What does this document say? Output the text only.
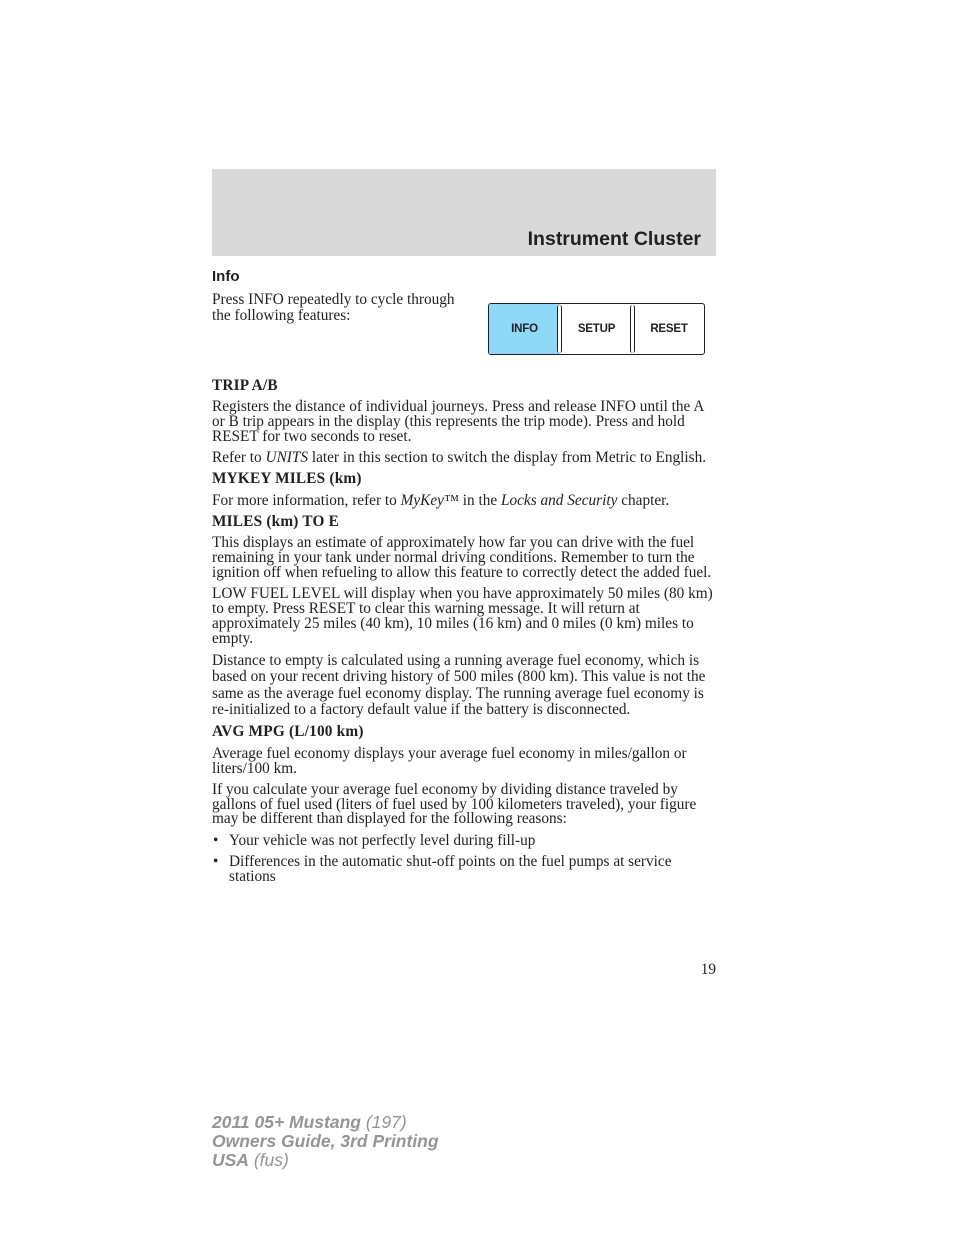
Instrument Cluster
Info
Press INFO repeatedly to cycle through the following features:
INFO	SETUP	RESET
TRIP A/B

Registers the distance of individual journeys. Press and release INFO until the A or B trip appears in the display (this represents the trip mode). Press and hold RESET for two seconds to reset.

Refer to UNITS later in this section to switch the display from Metric to English.

MYKEY MILES (km)

For more information, refer to MyKey™ in the Locks and Security chapter.

MILES (km) TO E

This displays an estimate of approximately how far you can drive with the fuel remaining in your tank under normal driving conditions. Remember to turn the ignition off when refueling to allow this feature to correctly detect the added fuel.

LOW FUEL LEVEL will display when you have approximately 50 miles (80 km) to empty. Press RESET to clear this warning message. It will return at approximately 25 miles (40 km), 10 miles (16 km) and 0 miles (0 km) miles to empty.

Distance to empty is calculated using a running average fuel economy, which is based on your recent driving history of 500 miles (800 km). This value is not the same as the average fuel economy display. The running average fuel economy is re-initialized to a factory default value if the battery is disconnected.

AVG MPG (L/100 km)

Average fuel economy displays your average fuel economy in miles/gallon or liters/100 km.

If you calculate your average fuel economy by dividing distance traveled by gallons of fuel used (liters of fuel used by 100 kilometers traveled), your figure may be different than displayed for the following reasons:

• Your vehicle was not perfectly level during fill-up
• Differences in the automatic shut-off points on the fuel pumps at service stations
19
2011 05+ Mustang (197)
Owners Guide, 3rd Printing
USA (fus)
